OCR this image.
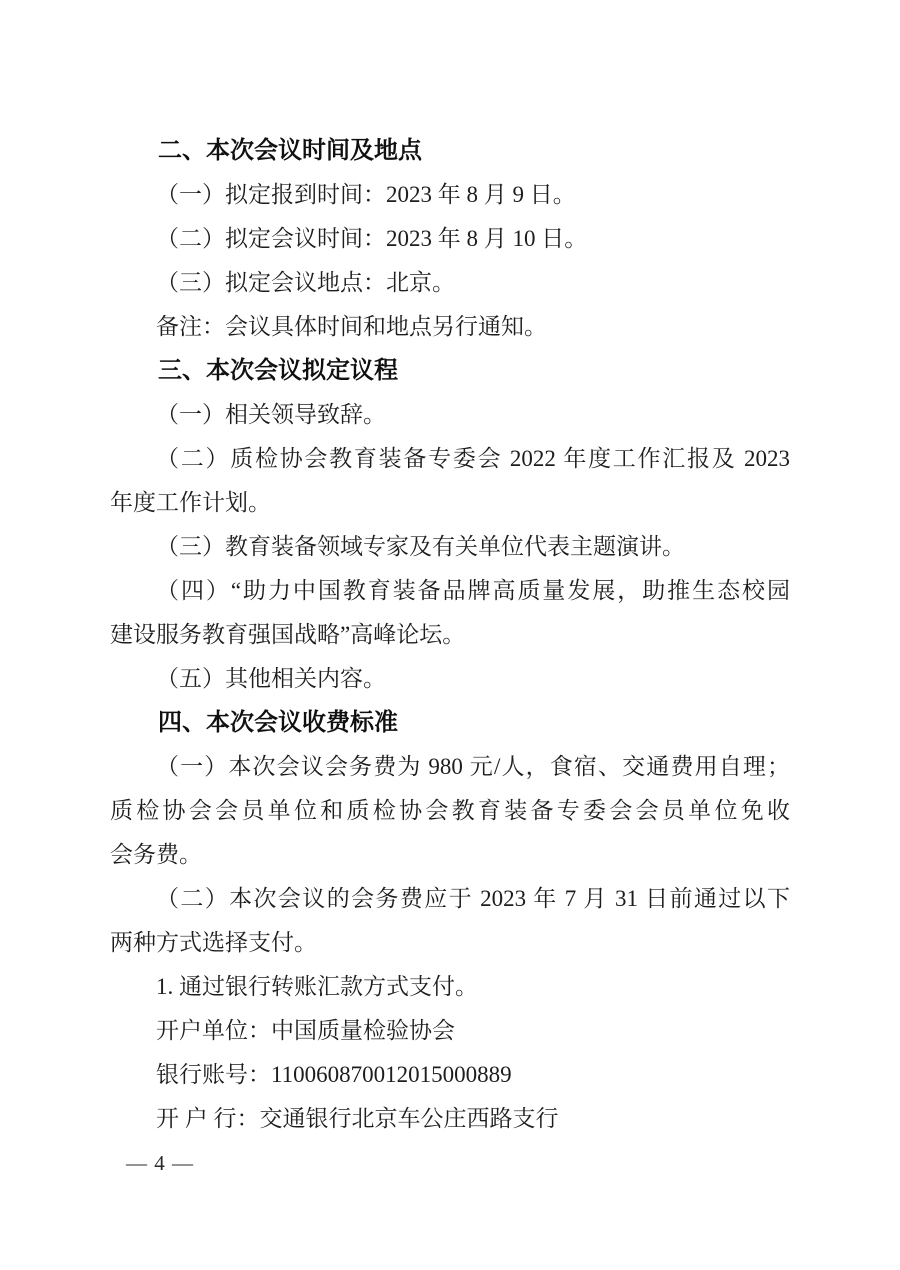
二、本次会议时间及地点
（一）拟定报到时间：2023 年 8 月 9 日。
（二）拟定会议时间：2023 年 8 月 10 日。
（三）拟定会议地点：北京。
备注：会议具体时间和地点另行通知。
三、本次会议拟定议程
（一）相关领导致辞。
（二）质检协会教育装备专委会 2022 年度工作汇报及 2023
年度工作计划。
（三）教育装备领域专家及有关单位代表主题演讲。
（四）“助力中国教育装备品牌高质量发展，助推生态校园
建设服务教育强国战略”高峰论坛。
（五）其他相关内容。
四、本次会议收费标准
（一）本次会议会务费为 980 元/人，食宿、交通费用自理；
质检协会会员单位和质检协会教育装备专委会会员单位免收
会务费。
（二）本次会议的会务费应于 2023 年 7 月 31 日前通过以下
两种方式选择支付。
1. 通过银行转账汇款方式支付。
开户单位：中国质量检验协会
银行账号：110060870012015000889
开 户 行：交通银行北京车公庄西路支行
— 4 —
